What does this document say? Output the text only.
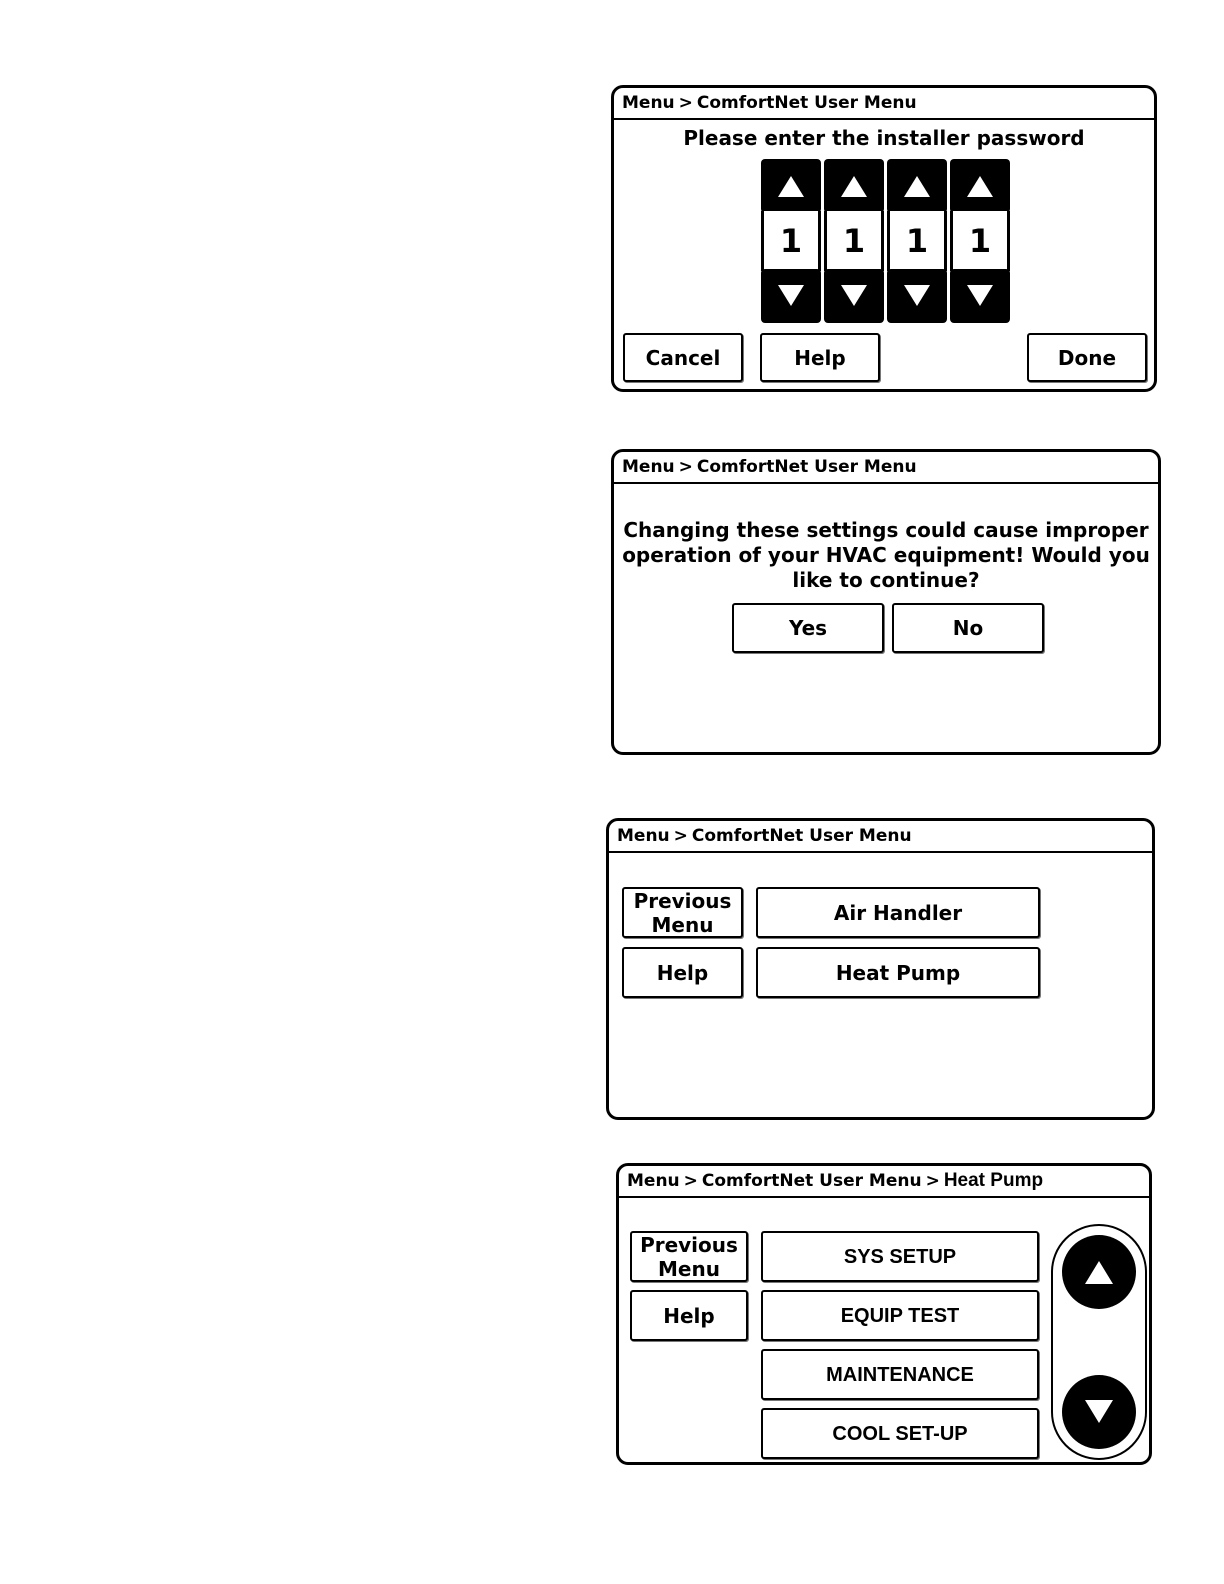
Menu > ComfortNet User Menu
Please enter the installer password
1	1	1	1
Cancel	Help	Done
Menu > ComfortNet User Menu
Changing these settings could cause improper
operation of your HVAC equipment! Would you
like to continue?
Yes	No
Menu > ComfortNet User Menu
Previous
Menu
Help
Air Handler
Heat Pump
Menu > ComfortNet User Menu > Heat Pump
Previous
Menu
Help
SYS SETUP
EQUIP TEST
MAINTENANCE
COOL SET-UP
